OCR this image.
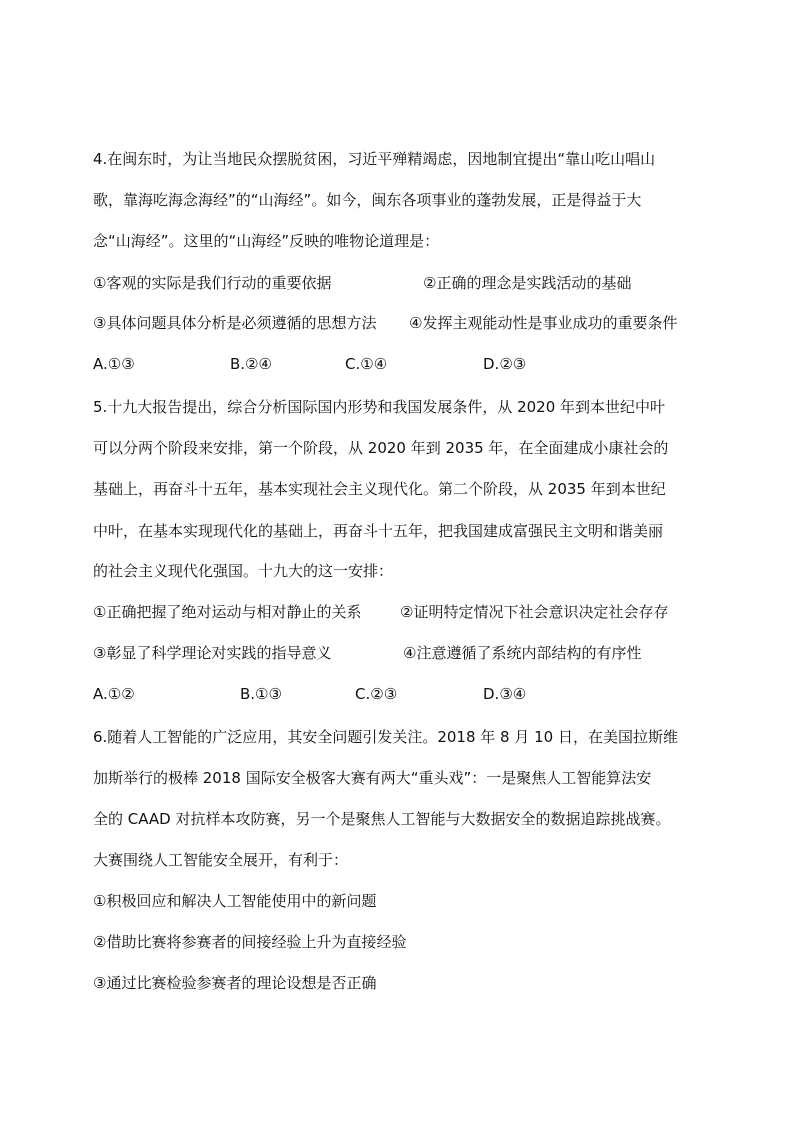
4.在闽东时，为让当地民众摆脱贫困，习近平殚精竭虑，因地制宜提出“靠山吃山唱山
歌，靠海吃海念海经”的“山海经”。如今，闽东各项事业的蓬勃发展，正是得益于大
念“山海经”。这里的“山海经”反映的唯物论道理是：
①客观的实际是我们行动的重要依据	②正确的理念是实践活动的基础
③具体问题具体分析是必须遵循的思想方法 ④发挥主观能动性是事业成功的重要条件
A.①③	B.②④	C.①④	D.②③
5.十九大报告提出，综合分析国际国内形势和我国发展条件，从 2020 年到本世纪中叶
可以分两个阶段来安排，第一个阶段，从 2020 年到 2035 年，在全面建成小康社会的
基础上，再奋斗十五年，基本实现社会主义现代化。第二个阶段，从 2035 年到本世纪
中叶，在基本实现现代化的基础上，再奋斗十五年，把我国建成富强民主文明和谐美丽
的社会主义现代化强国。十九大的这一安排：
①正确把握了绝对运动与相对静止的关系	②证明特定情况下社会意识决定社会存存
③彰显了科学理论对实践的指导意义	④注意遵循了系统内部结构的有序性
A.①②	B.①③	C.②③	D.③④
6.随着人工智能的广泛应用，其安全问题引发关注。2018 年 8 月 10 日，在美国拉斯维
加斯举行的极棒 2018 国际安全极客大赛有两大“重头戏”：一是聚焦人工智能算法安
全的 CAAD 对抗样本攻防赛，另一个是聚焦人工智能与大数据安全的数据追踪挑战赛。
大赛围绕人工智能安全展开，有利于：
①积极回应和解决人工智能使用中的新问题
②借助比赛将参赛者的间接经验上升为直接经验
③通过比赛检验参赛者的理论设想是否正确
